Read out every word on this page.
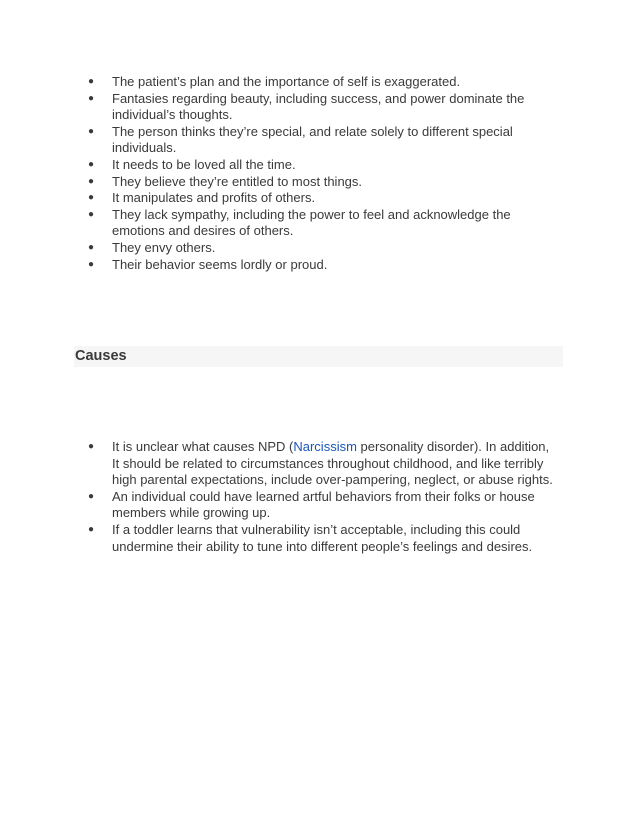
●	The patient’s plan and the importance of self is exaggerated.
●	Fantasies regarding beauty, including success, and power dominate the individual’s thoughts.
●	The person thinks they’re special, and relate solely to different special individuals.
●	It needs to be loved all the time.
●	They believe they’re entitled to most things.
●	It manipulates and profits of others.
●	They lack sympathy, including the power to feel and acknowledge the emotions and desires of others.
●	They envy others.
●	Their behavior seems lordly or proud.
Causes
●	It is unclear what causes NPD (Narcissism personality disorder). In addition, It should be related to circumstances throughout childhood, and like terribly high parental expectations, include over-pampering, neglect, or abuse rights.
●	An individual could have learned artful behaviors from their folks or house members while growing up.
●	If a toddler learns that vulnerability isn’t acceptable, including this could undermine their ability to tune into different people’s feelings and desires.
